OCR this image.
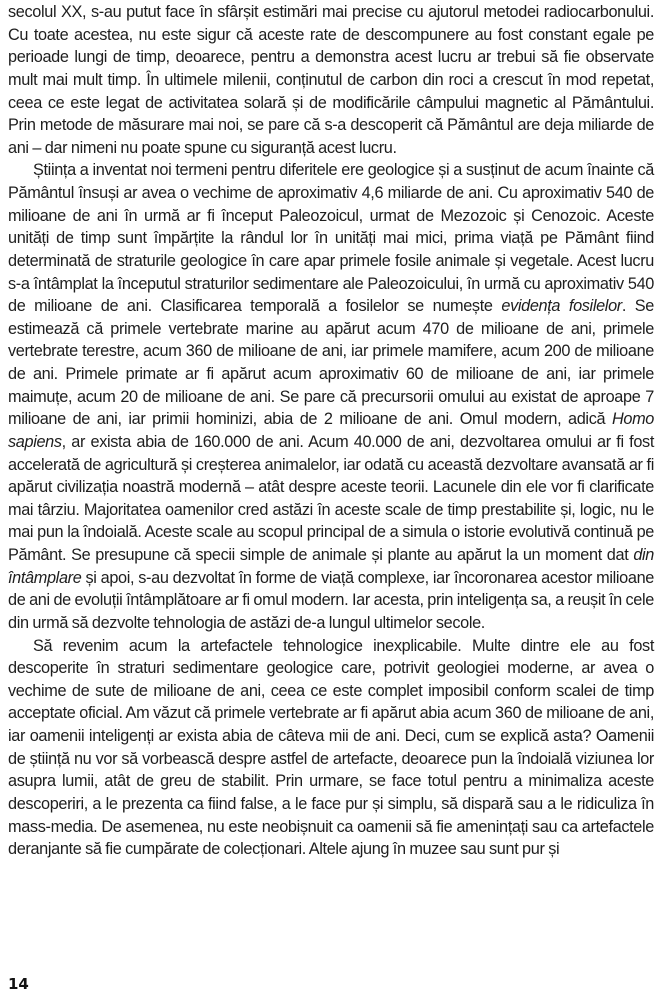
secolul XX, s-au putut face în sfârșit estimări mai precise cu ajutorul metodei radiocarbonului. Cu toate acestea, nu este sigur că aceste rate de descompunere au fost constant egale pe perioade lungi de timp, deoarece, pentru a demonstra acest lucru ar trebui să fie observate mult mai mult timp. În ultimele milenii, conținutul de carbon din roci a crescut în mod repetat, ceea ce este legat de activitatea solară și de modificările câmpului magnetic al Pământului. Prin metode de măsurare mai noi, se pare că s-a descoperit că Pământul are deja miliarde de ani – dar nimeni nu poate spune cu siguranță acest lucru.

Știința a inventat noi termeni pentru diferitele ere geologice și a susținut de acum înainte că Pământul însuși ar avea o vechime de aproximativ 4,6 miliarde de ani. Cu aproximativ 540 de milioane de ani în urmă ar fi început Paleozoicul, urmat de Mezozoic și Cenozoic. Aceste unități de timp sunt împărțite la rândul lor în unități mai mici, prima viață pe Pământ fiind determinată de straturile geologice în care apar primele fosile animale și vegetale. Acest lucru s-a întâmplat la începutul straturilor sedimentare ale Paleozoicului, în urmă cu aproximativ 540 de milioane de ani. Clasificarea temporală a fosilelor se numește evidența fosilelor. Se estimează că primele vertebrate marine au apărut acum 470 de milioane de ani, primele vertebrate terestre, acum 360 de milioane de ani, iar primele mamifere, acum 200 de milioane de ani. Primele primate ar fi apărut acum aproximativ 60 de milioane de ani, iar primele maimuțe, acum 20 de milioane de ani. Se pare că precursorii omului au existat de aproape 7 milioane de ani, iar primii hominizi, abia de 2 milioane de ani. Omul modern, adică Homo sapiens, ar exista abia de 160.000 de ani. Acum 40.000 de ani, dezvoltarea omului ar fi fost accelerată de agricultură și creșterea animalelor, iar odată cu această dezvoltare avansată ar fi apărut civilizația noastră modernă – atât despre aceste teorii. Lacunele din ele vor fi clarificate mai târziu. Majoritatea oamenilor cred astăzi în aceste scale de timp prestabilite și, logic, nu le mai pun la îndoială. Aceste scale au scopul principal de a simula o istorie evolutivă continuă pe Pământ. Se presupune că specii simple de animale și plante au apărut la un moment dat din întâmplare și apoi, s-au dezvoltat în forme de viață complexe, iar încoronarea acestor milioane de ani de evoluții întâmplătoare ar fi omul modern. Iar acesta, prin inteligența sa, a reușit în cele din urmă să dezvolte tehnologia de astăzi de-a lungul ultimelor secole.

Să revenim acum la artefactele tehnologice inexplicabile. Multe dintre ele au fost descoperite în straturi sedimentare geologice care, potrivit geologiei moderne, ar avea o vechime de sute de milioane de ani, ceea ce este complet imposibil conform scalei de timp acceptate oficial. Am văzut că primele vertebrate ar fi apărut abia acum 360 de milioane de ani, iar oamenii inteligenți ar exista abia de câteva mii de ani. Deci, cum se explică asta? Oamenii de știință nu vor să vorbească despre astfel de artefacte, deoarece pun la îndoială viziunea lor asupra lumii, atât de greu de stabilit. Prin urmare, se face totul pentru a minimaliza aceste descoperiri, a le prezenta ca fiind false, a le face pur și simplu, să dispară sau a le ridiculiza în mass-media. De asemenea, nu este neobișnuit ca oamenii să fie amenințați sau ca artefactele deranjante să fie cumpărate de colecționari. Altele ajung în muzee sau sunt pur și

14
